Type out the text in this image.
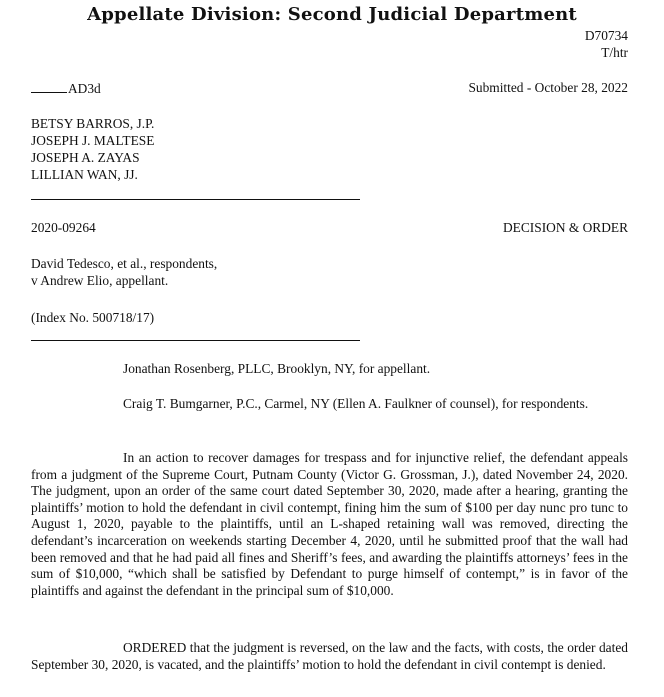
Appellate Division: Second Judicial Department
D70734
T/htr
AD3d	Submitted - October 28, 2022
BETSY BARROS, J.P.
JOSEPH J. MALTESE
JOSEPH A. ZAYAS
LILLIAN WAN, JJ.
2020-09264	DECISION & ORDER
David Tedesco, et al., respondents,
v Andrew Elio, appellant.
(Index No. 500718/17)
Jonathan Rosenberg, PLLC, Brooklyn, NY, for appellant.
Craig T. Bumgarner, P.C., Carmel, NY (Ellen A. Faulkner of counsel), for respondents.

In an action to recover damages for trespass and for injunctive relief, the defendant appeals from a judgment of the Supreme Court, Putnam County (Victor G. Grossman, J.), dated November 24, 2020. The judgment, upon an order of the same court dated September 30, 2020, made after a hearing, granting the plaintiffs’ motion to hold the defendant in civil contempt, fining him the sum of $100 per day nunc pro tunc to August 1, 2020, payable to the plaintiffs, until an L-shaped retaining wall was removed, directing the defendant’s incarceration on weekends starting December 4, 2020, until he submitted proof that the wall had been removed and that he had paid all fines and Sheriff’s fees, and awarding the plaintiffs attorneys’ fees in the sum of $10,000, “which shall be satisfied by Defendant to purge himself of contempt,” is in favor of the plaintiffs and against the defendant in the principal sum of $10,000.

ORDERED that the judgment is reversed, on the law and the facts, with costs, the order dated September 30, 2020, is vacated, and the plaintiffs’ motion to hold the defendant in civil contempt is denied.
